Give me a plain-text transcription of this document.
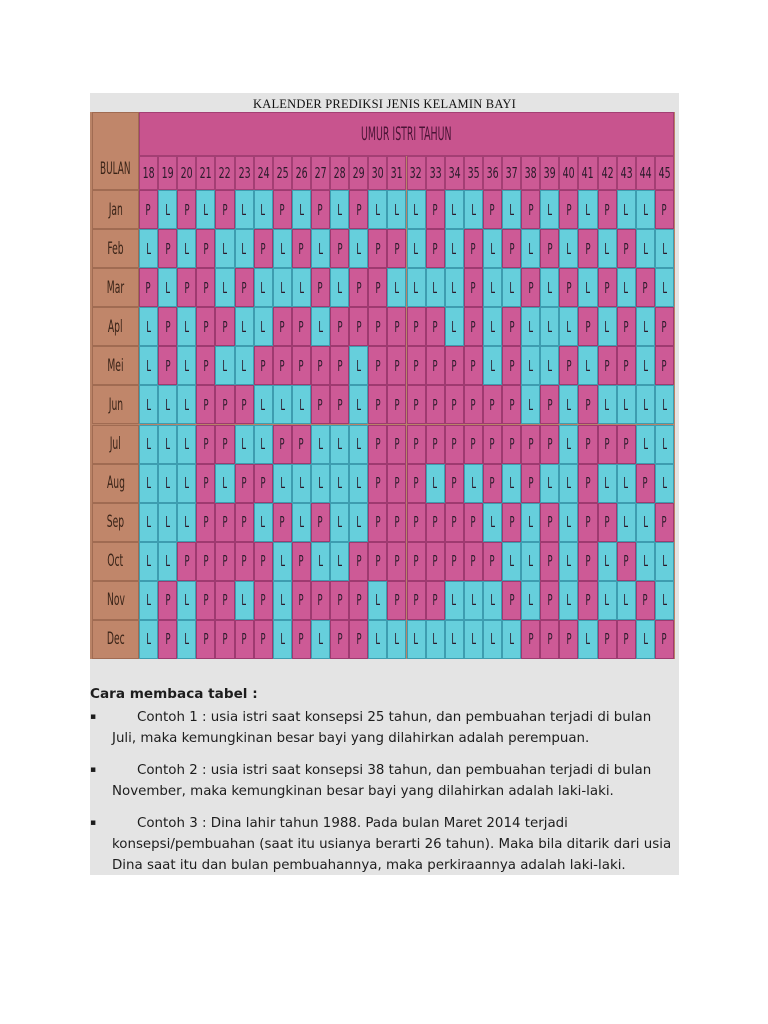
KALENDER PREDIKSI JENIS KELAMIN BAYI
BULAN
UMUR ISTRI TAHUN
18 19 20 21 22 23 24 25 26 27 28 29 30 31 32 33 34 35 36 37 38 39 40 41 42 43 44 45
Jan P L P L P L L P L P L P L L L P L L P L P L P L P L L P
Feb L P L P L L P L P L P L P P L P L P L P L P L P L P L L
Mar P L P P L P L L L P L P P L L L L P L L P L P L P L P L
Apl L P L P P L L P P L P P P P P P L P L P L L L P L P L P
Mei L P L P L L P P P P P L P P P P P P L P L L P L P P L P
Jun L L L P P P L L L P P L P P P P P P P P L P L P L L L L
Jul L L L P P L L P P L L L P P P P P P P P P P L P P P L L
Aug L L L P L P P L L L L L P P P L P L P L P L L P L L P L
Sep L L L P P P L P L P L L P P P P P P L P L P L P P L L P
Oct L L P P P P P L P L L P P P P P P P P L L P L P L P L L
Nov L P L P P L P L P P P P L P P P L L L P L P L P L L P L
Dec L P L P P P P L P L P P L L L L L L L L P P P L P P L P
Cara membaca tabel :
▪	Contoh 1 : usia istri saat konsepsi 25 tahun, dan pembuahan terjadi di bulan Juli, maka kemungkinan besar bayi yang dilahirkan adalah perempuan.
▪	Contoh 2 : usia istri saat konsepsi 38 tahun, dan pembuahan terjadi di bulan November, maka kemungkinan besar bayi yang dilahirkan adalah laki-laki.
▪	Contoh 3 : Dina lahir tahun 1988. Pada bulan Maret 2014 terjadi konsepsi/pembuahan (saat itu usianya berarti 26 tahun). Maka bila ditarik dari usia Dina saat itu dan bulan pembuahannya, maka perkiraannya adalah laki-laki.
